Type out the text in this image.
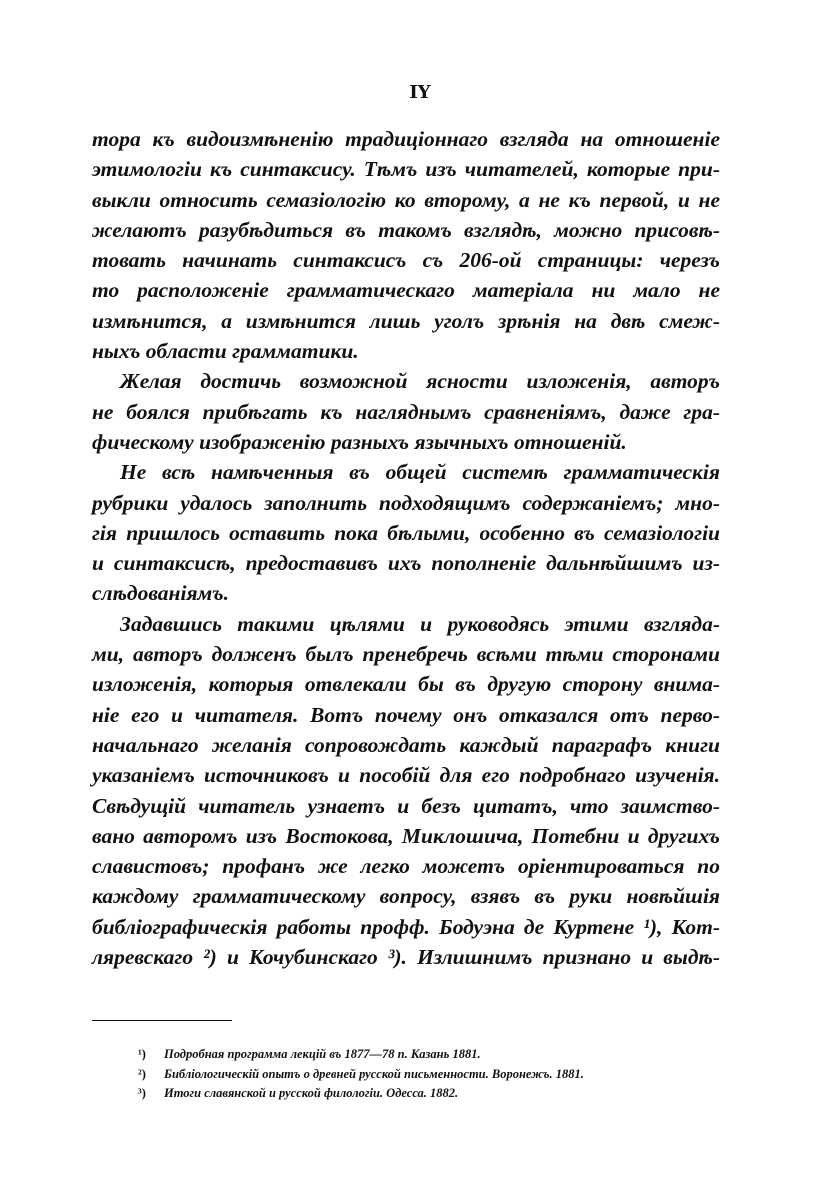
IY
тора къ видоизмѣненію традиціоннаго взгляда на отношеніе
этимологіи къ синтаксису. Тѣмъ изъ читателей, которые при-
выкли относить семазіологію ко второму, а не къ первой, и не
желаютъ разубѣдиться въ такомъ взглядѣ, можно присовѣ-
товать начинать синтаксисъ съ 206-ой страницы: черезъ
то расположеніе грамматическаго матеріала ни мало не
измѣнится, а измѣнится лишь уголъ зрѣнія на двѣ смеж-
ныхъ области грамматики.
Желая достичь возможной ясности изложенія, авторъ
не боялся прибѣгать къ нагляднымъ сравненіямъ, даже гра-
фическому изображенію разныхъ язычныхъ отношеній.
Не всѣ намѣченныя въ общей системѣ грамматическія
рубрики удалось заполнить подходящимъ содержаніемъ; мно-
гія пришлось оставить пока бѣлыми, особенно въ семазіологіи
и синтаксисѣ, предоставивъ ихъ пополненіе дальнѣйшимъ из-
слѣдованіямъ.
Задавшись такими цѣлями и руководясь этими взгляда-
ми, авторъ долженъ былъ пренебречь всѣми тѣми сторонами
изложенія, которыя отвлекали бы въ другую сторону внима-
ніе его и читателя. Вотъ почему онъ отказался отъ перво-
начальнаго желанія сопровождать каждый параграфъ книги
указаніемъ источниковъ и пособій для его подробнаго изученія.
Свѣдущій читатель узнаетъ и безъ цитатъ, что заимство-
вано авторомъ изъ Востокова, Миклошича, Потебни и другихъ
славистовъ; профанъ же легко можетъ оріентироваться по
каждому грамматическому вопросу, взявъ въ руки новѣйшія
библіографическія работы профф. Бодуэна де Куртене ¹), Кот-
ляревскаго ²) и Кочубинскаго ³). Излишнимъ признано и выдѣ-
¹) Подробная программа лекцій въ 1877—78 п. Казань 1881.
²) Библіологическій опытъ о древней русской письменности. Воронежъ. 1881.
³) Итоги славянской и русской филологіи. Одесса. 1882.
